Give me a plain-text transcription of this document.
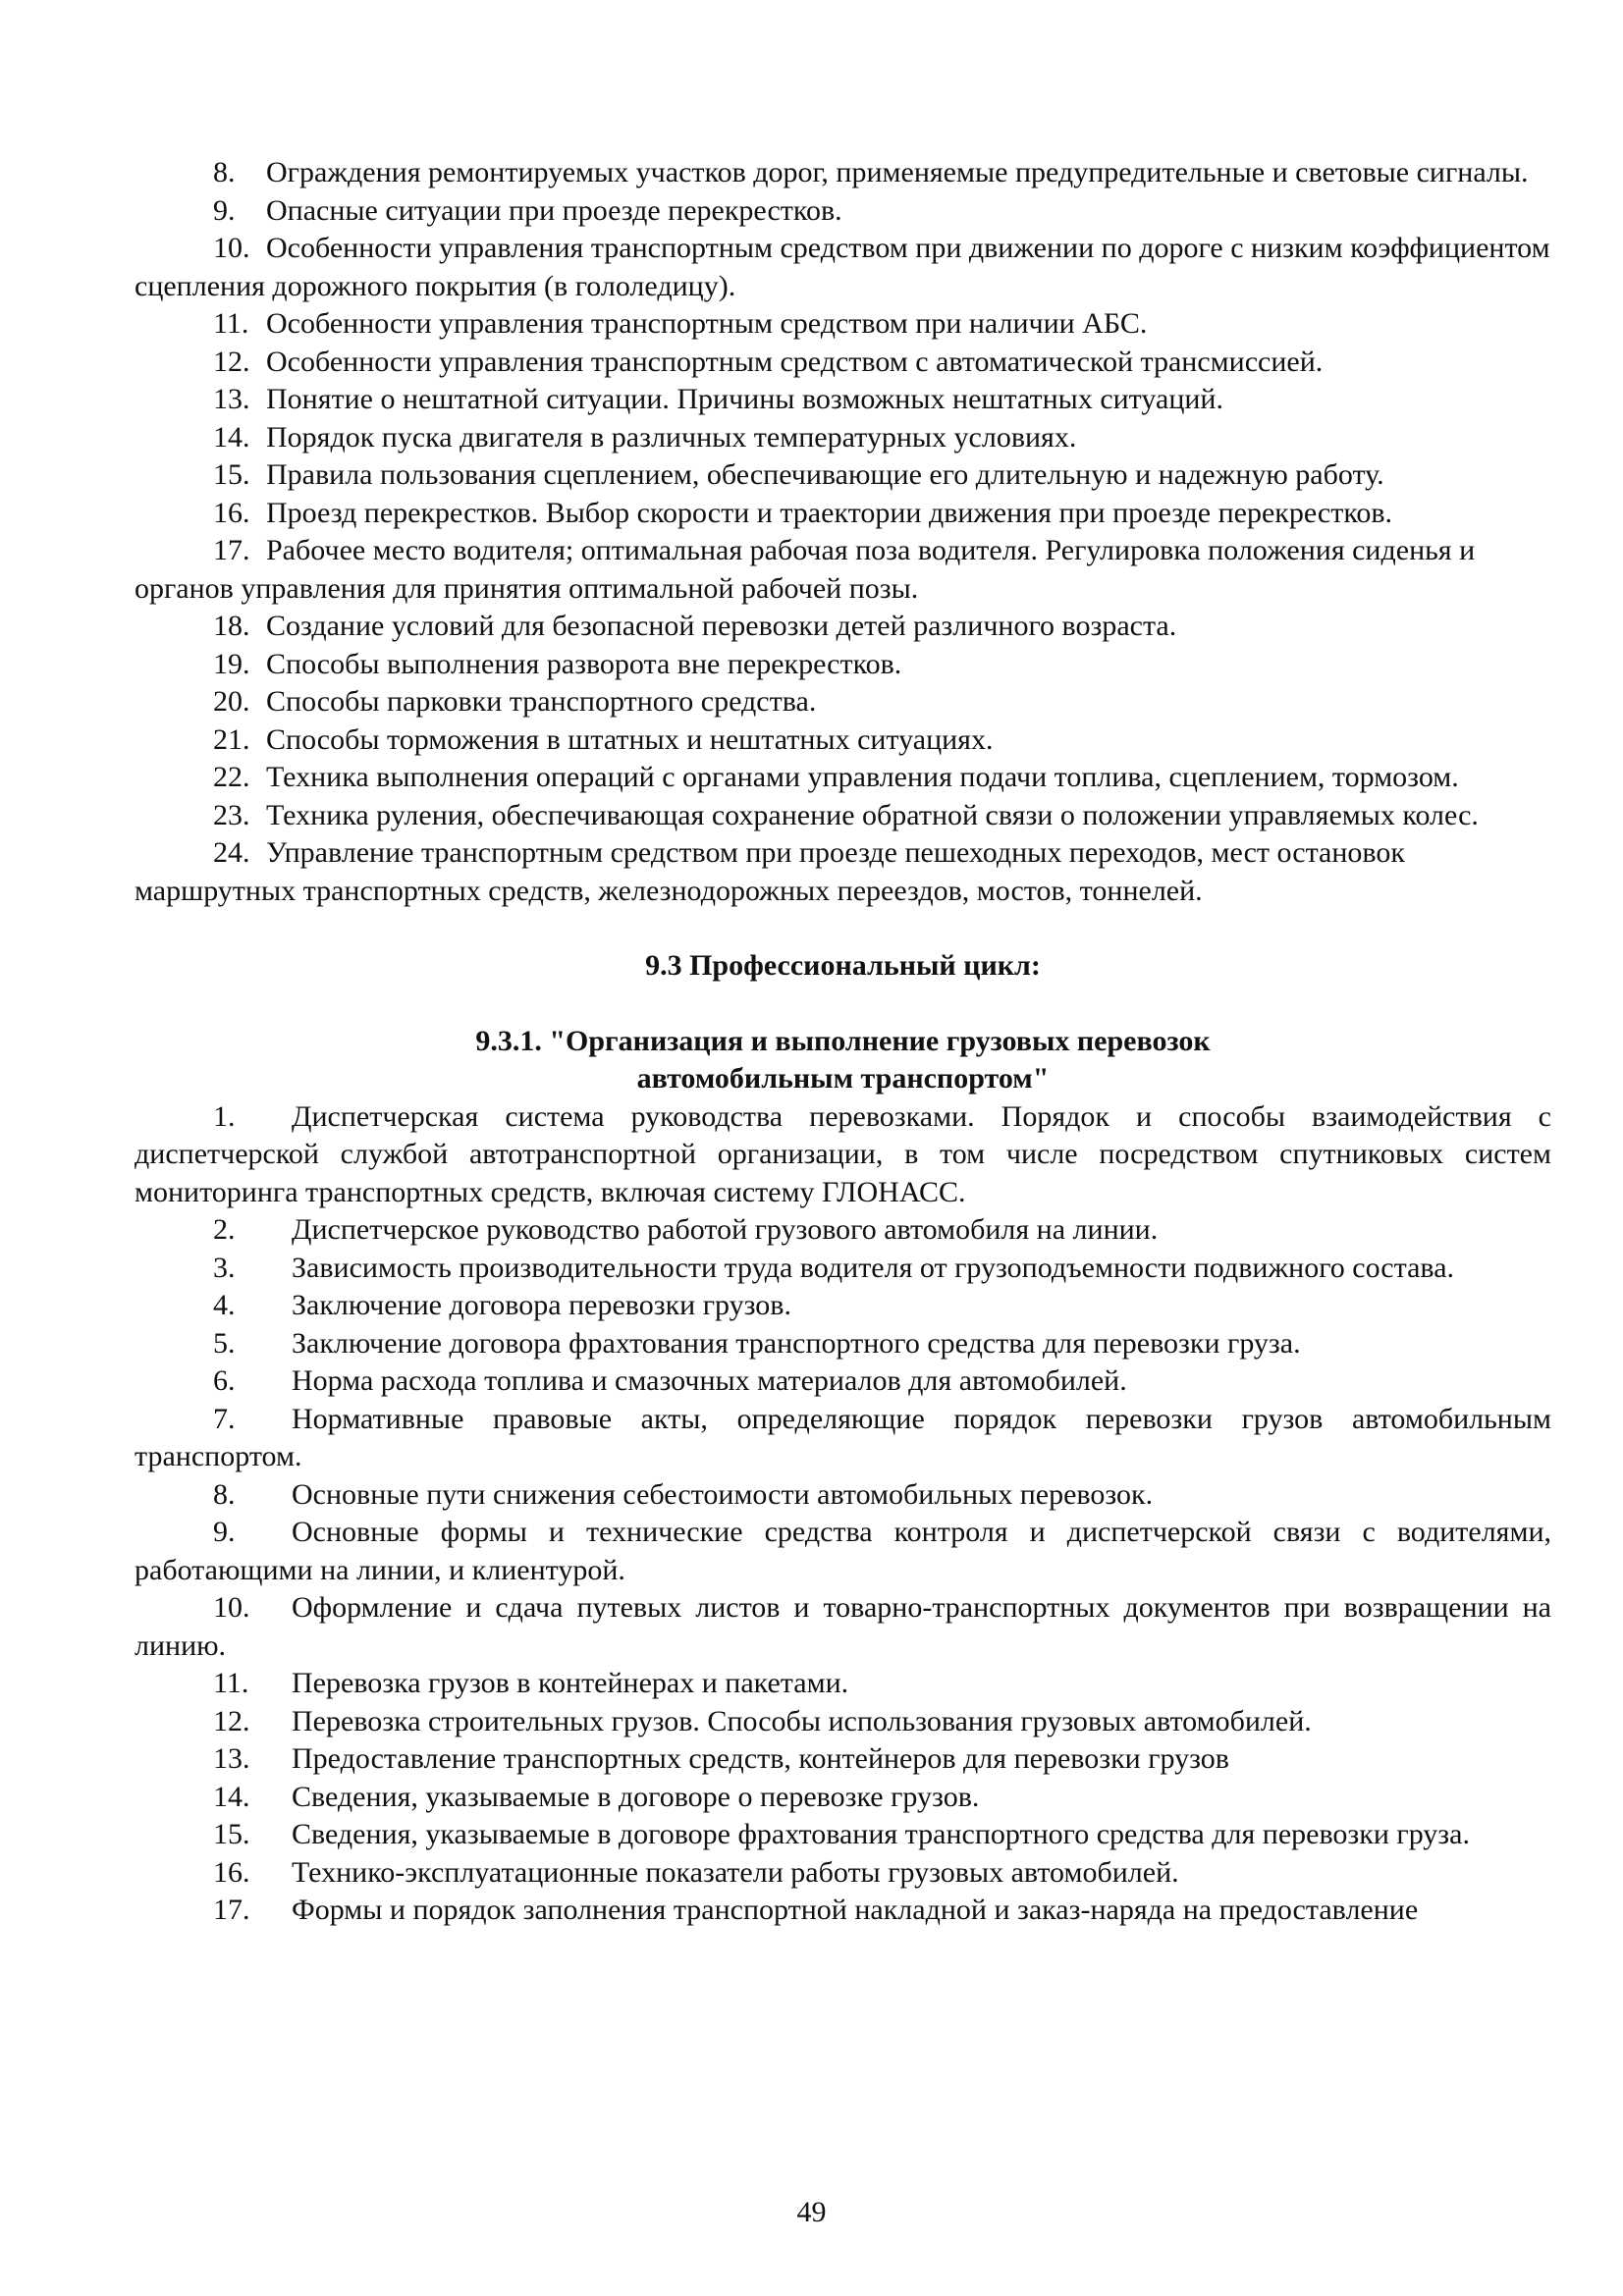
8. Ограждения ремонтируемых участков дорог, применяемые предупредительные и световые сигналы.

9. Опасные ситуации при проезде перекрестков.

10. Особенности управления транспортным средством при движении по дороге с низким коэффициентом сцепления дорожного покрытия (в гололедицу).

11. Особенности управления транспортным средством при наличии АБС.

12. Особенности управления транспортным средством с автоматической трансмиссией.

13. Понятие о нештатной ситуации. Причины возможных нештатных ситуаций.

14. Порядок пуска двигателя в различных температурных условиях.

15. Правила пользования сцеплением, обеспечивающие его длительную и надежную работу.

16. Проезд перекрестков. Выбор скорости и траектории движения при проезде перекрестков.

17. Рабочее место водителя; оптимальная рабочая поза водителя. Регулировка положения сиденья и органов управления для принятия оптимальной рабочей позы.

18. Создание условий для безопасной перевозки детей различного возраста.

19. Способы выполнения разворота вне перекрестков.

20. Способы парковки транспортного средства.

21. Способы торможения в штатных и нештатных ситуациях.

22. Техника выполнения операций с органами управления подачи топлива, сцеплением, тормозом.

23. Техника руления, обеспечивающая сохранение обратной связи о положении управляемых колес.

24. Управление транспортным средством при проезде пешеходных переходов, мест остановок маршрутных транспортных средств, железнодорожных переездов, мостов, тоннелей.

9.3 Профессиональный цикл:

9.3.1. "Организация и выполнение грузовых перевозок
автомобильным транспортом"

1. Диспетчерская система руководства перевозками. Порядок и способы взаимодействия с диспетчерской службой автотранспортной организации, в том числе посредством спутниковых систем мониторинга транспортных средств, включая систему ГЛОНАСС.

2. Диспетчерское руководство работой грузового автомобиля на линии.

3. Зависимость производительности труда водителя от грузоподъемности подвижного состава.

4. Заключение договора перевозки грузов.

5. Заключение договора фрахтования транспортного средства для перевозки груза.

6. Норма расхода топлива и смазочных материалов для автомобилей.

7. Нормативные правовые акты, определяющие порядок перевозки грузов автомобильным транспортом.

8. Основные пути снижения себестоимости автомобильных перевозок.

9. Основные формы и технические средства контроля и диспетчерской связи с водителями, работающими на линии, и клиентурой.

10. Оформление и сдача путевых листов и товарно-транспортных документов при возвращении на линию.

11. Перевозка грузов в контейнерах и пакетами.

12. Перевозка строительных грузов. Способы использования грузовых автомобилей.

13. Предоставление транспортных средств, контейнеров для перевозки грузов

14. Сведения, указываемые в договоре о перевозке грузов.

15. Сведения, указываемые в договоре фрахтования транспортного средства для перевозки груза.

16. Технико-эксплуатационные показатели работы грузовых автомобилей.

17. Формы и порядок заполнения транспортной накладной и заказ-наряда на предоставление

49
